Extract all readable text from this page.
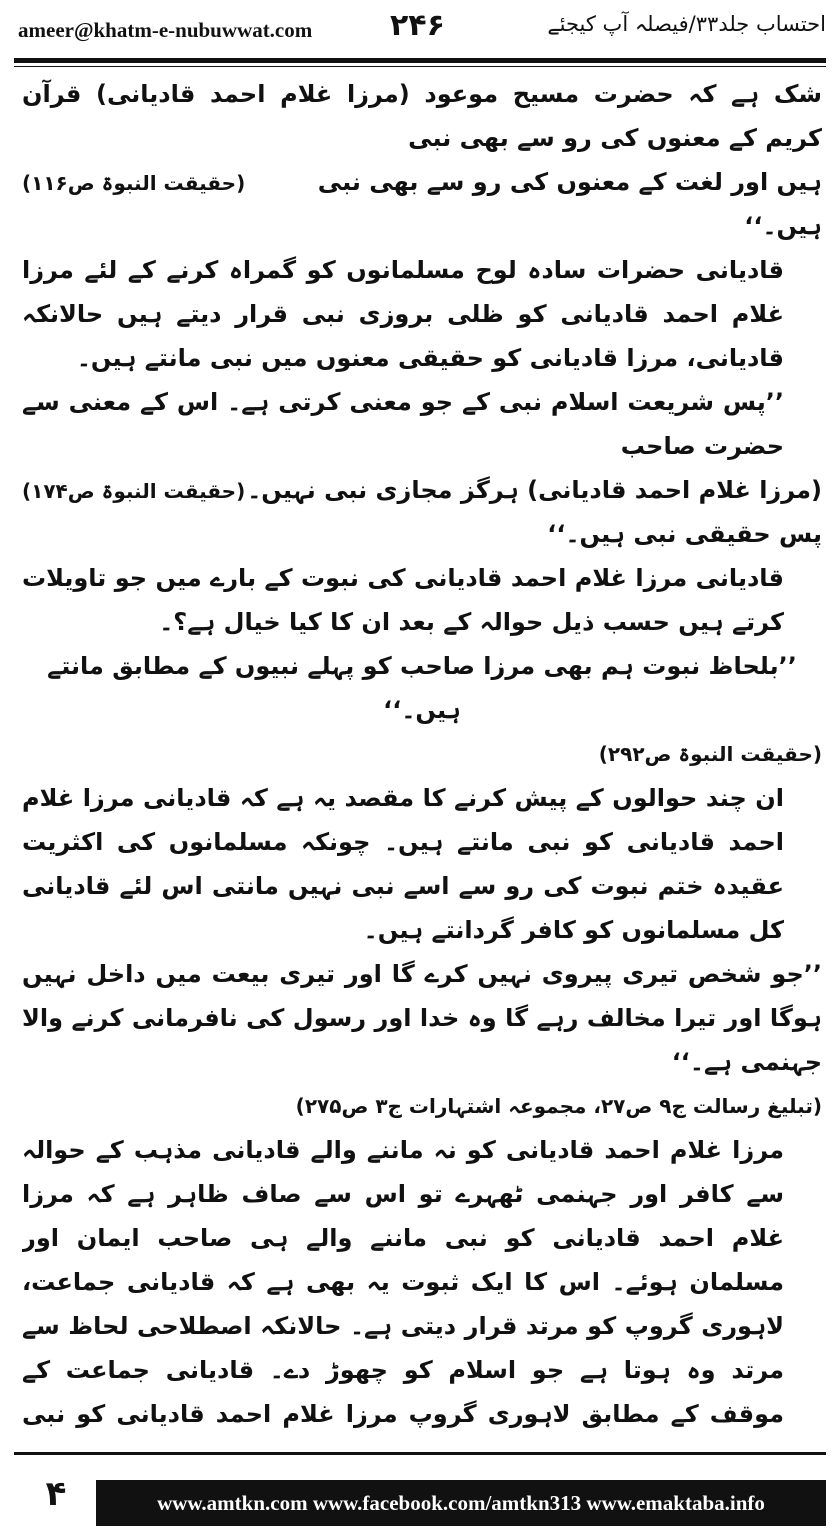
ameer@khatm-e-nubuwwat.com	۲۴۶	احتساب جلد۳۳/فیصلہ آپ کیجئے

شک ہے کہ حضرت مسیح موعود (مرزا غلام احمد قادیانی) قرآن کریم کے معنوں کی رو سے بھی نبی

ہیں اور لغت کے معنوں کی رو سے بھی نبی ہیں۔‘‘
(حقیقت النبوۃ ص۱۱۶)

قادیانی حضرات سادہ لوح مسلمانوں کو گمراہ کرنے کے لئے مرزا غلام احمد قادیانی کو ظلی بروزی نبی قرار دیتے ہیں حالانکہ قادیانی، مرزا قادیانی کو حقیقی معنوں میں نبی مانتے ہیں۔

’’پس شریعت اسلام نبی کے جو معنی کرتی ہے۔ اس کے معنی سے حضرت صاحب

(مرزا غلام احمد قادیانی) ہرگز مجازی نبی نہیں۔ پس حقیقی نبی ہیں۔‘‘
(حقیقت النبوۃ ص۱۷۴)

قادیانی مرزا غلام احمد قادیانی کی نبوت کے بارے میں جو تاویلات کرتے ہیں حسب ذیل حوالہ کے بعد ان کا کیا خیال ہے؟۔

’’بلحاظ نبوت ہم بھی مرزا صاحب کو پہلے نبیوں کے مطابق مانتے ہیں۔‘‘

(حقیقت النبوۃ ص۲۹۲)

ان چند حوالوں کے پیش کرنے کا مقصد یہ ہے کہ قادیانی مرزا غلام احمد قادیانی کو نبی مانتے ہیں۔ چونکہ مسلمانوں کی اکثریت عقیدہ ختم نبوت کی رو سے اسے نبی نہیں مانتی اس لئے قادیانی کل مسلمانوں کو کافر گردانتے ہیں۔

’’جو شخص تیری پیروی نہیں کرے گا اور تیری بیعت میں داخل نہیں ہوگا اور تیرا مخالف رہے گا وہ خدا اور رسول کی نافرمانی کرنے والا جہنمی ہے۔‘‘

(تبلیغ رسالت ج۹ ص۲۷، مجموعہ اشتہارات ج۳ ص۲۷۵)

مرزا غلام احمد قادیانی کو نہ ماننے والے قادیانی مذہب کے حوالہ سے کافر اور جہنمی ٹھہرے تو اس سے صاف ظاہر ہے کہ مرزا غلام احمد قادیانی کو نبی ماننے والے ہی صاحب ایمان اور مسلمان ہوئے۔ اس کا ایک ثبوت یہ بھی ہے کہ قادیانی جماعت، لاہوری گروپ کو مرتد قرار دیتی ہے۔ حالانکہ اصطلاحی لحاظ سے مرتد وہ ہوتا ہے جو اسلام کو چھوڑ دے۔ قادیانی جماعت کے موقف کے مطابق لاہوری گروپ مرزا غلام احمد قادیانی کو نبی

۴	www.amtkn.com www.facebook.com/amtkn313 www.emaktaba.info
